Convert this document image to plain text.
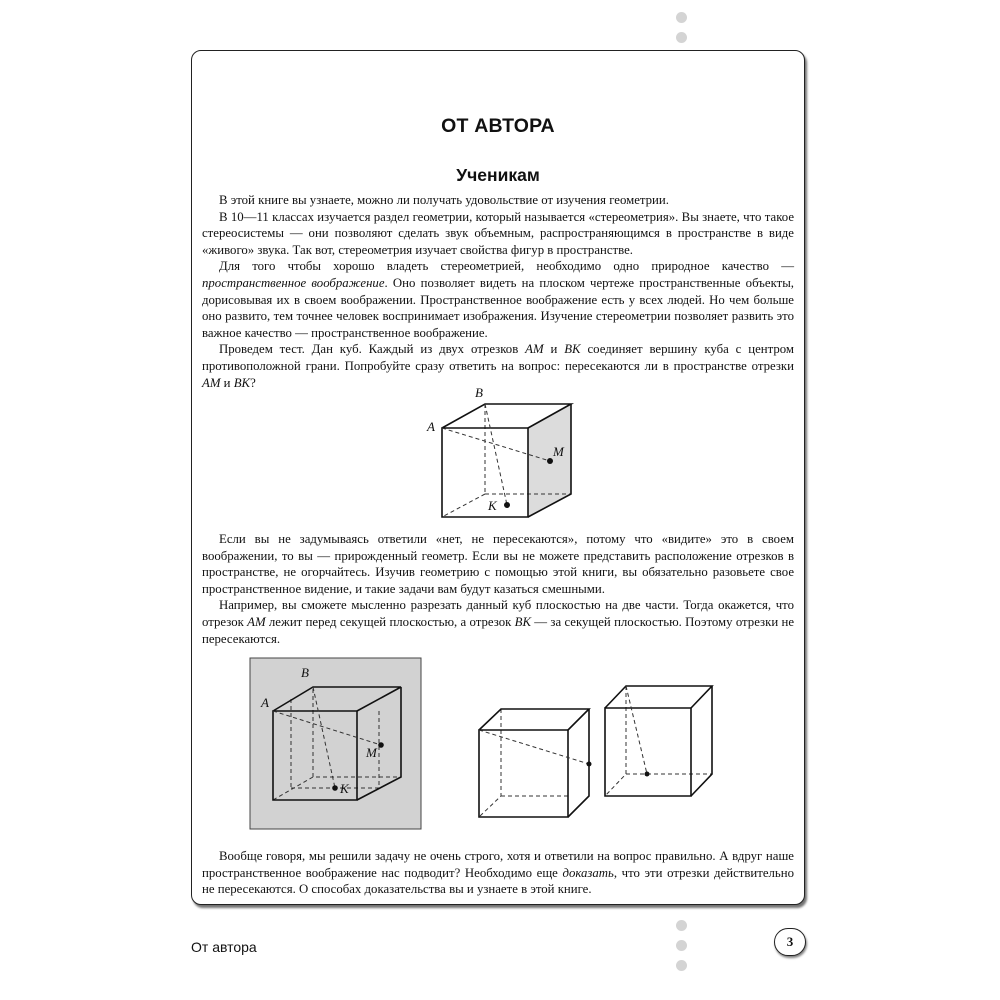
ОТ АВТОРА
Ученикам

В этой книге вы узнаете, можно ли получать удовольствие от изучения геометрии.

В 10—11 классах изучается раздел геометрии, который называется «стереометрия». Вы знаете, что такое стереосистемы — они позволяют сделать звук объемным, распространяющимся в пространстве в виде «живого» звука. Так вот, стереометрия изучает свойства фигур в пространстве.

Для того чтобы хорошо владеть стереометрией, необходимо одно природное качество — пространственное воображение. Оно позволяет видеть на плоском чертеже пространственные объекты, дорисовывая их в своем воображении. Пространственное воображение есть у всех людей. Но чем больше оно развито, тем точнее человек воспринимает изображения. Изучение стереометрии позволяет развить это важное качество — пространственное воображение.

Проведем тест. Дан куб. Каждый из двух отрезков AM и BK соединяет вершину куба с центром противоположной грани. Попробуйте сразу ответить на вопрос: пересекаются ли в пространстве отрезки AM и BK?

A
B
M
K

Если вы не задумываясь ответили «нет, не пересекаются», потому что «видите» это в своем воображении, то вы — прирожденный геометр. Если вы не можете представить расположение отрезков в пространстве, не огорчайтесь. Изучив геометрию с помощью этой книги, вы обязательно разовьете свое пространственное видение, и такие задачи вам будут казаться смешными.

Например, вы сможете мысленно разрезать данный куб плоскостью на две части. Тогда окажется, что отрезок AM лежит перед секущей плоскостью, а отрезок BK — за секущей плоскостью. Поэтому отрезки не пересекаются.

A
B
M
K

Вообще говоря, мы решили задачу не очень строго, хотя и ответили на вопрос правильно. А вдруг наше пространственное воображение нас подводит? Необходимо еще доказать, что эти отрезки действительно не пересекаются. О способах доказательства вы и узнаете в этой книге.

От автора	3
